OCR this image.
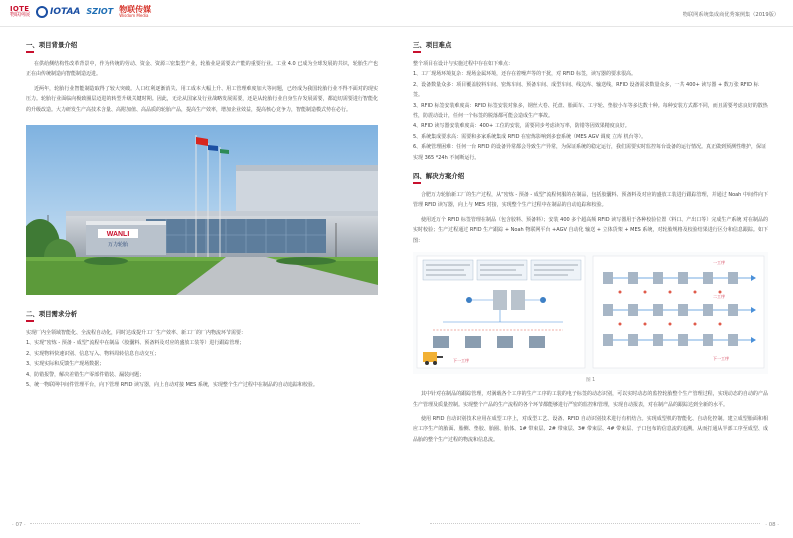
IOTE
物联网展 IOTAA SZIOT 物联传媒
Wisdom Media	物联网系统集成商优秀案例集（2019版）
一、项目背景介绍

在供给侧结构性改革背景中，作为传统的劳动、资金、资源三密集型产业，轮胎业是需要去产能的重要行业。工业 4.0 已成为全球发展的共识，轮胎生产也正在由传统制造向智能制造迈进。

近两年，轮胎行业智能制造取得了较大突破。人口红利逐渐消失、用工成本大幅上升、用工管理难度加大等问题，已经成为我国轮胎行业不得不面对的现实压力。轮胎行业面临向极致圈层迈进的转型升级关键时期。因此，无论从国家及行业战略发展需要，还是从轮胎行业自身生存发展需要，都迫切需要进行智能化的升级改造。大力研发生产高技术含量、高附加值、高品质的轮胎产品，提高生产效率，增加企业效益，提高核心竞争力，智能制造模式势在必行。

WANLI
万力轮胎
二、项目需求分析

实现厂内全领域智能化、全流程自动化，同时达成提升工厂生产效率、新工厂的厂内物流环节需要：

1、实现“密炼 - 预备 - 成型”流程中在制品（胶囊料、预备料及对应的盛放工装等）进行跟踪管理；

2、实现物料快速识别、信息写入、物料周转信息自动交互；

3、实现实际和反馈生产现场数据；

4、防错报警，解决差错生产零部件错装、漏装问题；

5、统一物联网中间件管理平台，向下管理 RFID 读写器，向上自动对接 MES 系统，实现整个生产过程中在制品的自动追踪和校验。

三、项目难点

整个项目在设计与实施过程中存在如下难点：

1、工厂现场环境复杂：现场金属环境，还存在着噪声等的干扰，对 RFID 标签，读写器的要求很高。

2、设备数量众多：项目覆盖胶料车间、密炼车间、预备车间、成型车间、线边库、输送线，RFID 设备需求数量众多，一共 400+ 读写器 + 数万张 RFID 标签。

3、RFID 标签安装难度高：RFID 标签安装对象多，钢丝大卷、托盘、胎面车、工字轮、垫胶小车等多达数十种。每种安装方式都不同，而且需要考虑良好的散热性，防震动设计，任何一个标签的脱落都可能会造成生产事故。

4、RFID 读写器安装难度高：400+ 工位的安装，需要同步考虑读写率，防错等因效果精度良好。

5、系统集成要求高：需要和多家系统集成 RFID 在密炼影响到多套系统（MES AGV 调度 立库 机台等）。

6、系统管理困难：任何一台 RFID 的设备异常都会导致生产异常，为保证系统的稳定运行，我们需要实时监控每台设备的运行情况。真正做到预测性维护，保证实现 365 *24h 不间断运行。

四、解决方案介绍

合肥万力轮胎新工厂的生产过程，从“密炼 - 预备 - 成型”流程伺服的在制品，包括胶囊料、预备料及对应的盛放工装进行跟踪管理，并通过 Noah 中间件向下管理 RFID 读写器，向上与 MES 对接，实现整个生产过程中在制品的自动追踪和校验。

使用近万个 RFID 标签管理在制品（包含胶料、预备料）；安装 400 多个超高频 RFID 读写器用于各种校验位置（料口、产出口等）完成生产系统 对在制品的实时校验；生产过程通过 RFID 生产跟踪 + Noah 物联网平台 +AGV 自动化 输送 + 立体货架 + MES 系统，对轮胎规格及校验结果进行区分和信息跟踪。如下图：

下一工序
一工序
二工序
下一工序
图 1

其中针对在制品的跟踪管理，对满载各个工序的生产工序的工装的电子标签的动态识别，可以实时动态的监控轮胎整个生产管理过程，实现动态的自动的产品生产管理及质量控制。实现整个产品的生产流程的各个环节都能够进行严密的监控和管理，实现自动报表，对在制产品的跟踪达到全新的水平。

使用 RFID 自动识别技术应用在成型工序上，对成型工艺、设备、RFID 自动识别技术进行有机结合。实现成型机的智能化、自动化控制。建立成型胎面和相应工序生产的胎面、胎侧、垫胶、胎圈、胎体、1# 带束层、2# 带束层、3# 带束层、4# 带束层、子口包布的信息流的追溯。从而打通从半部工序至成型、成品胎的整个生产过程的物流和信息流。

· 07 ·	· 08 ·
